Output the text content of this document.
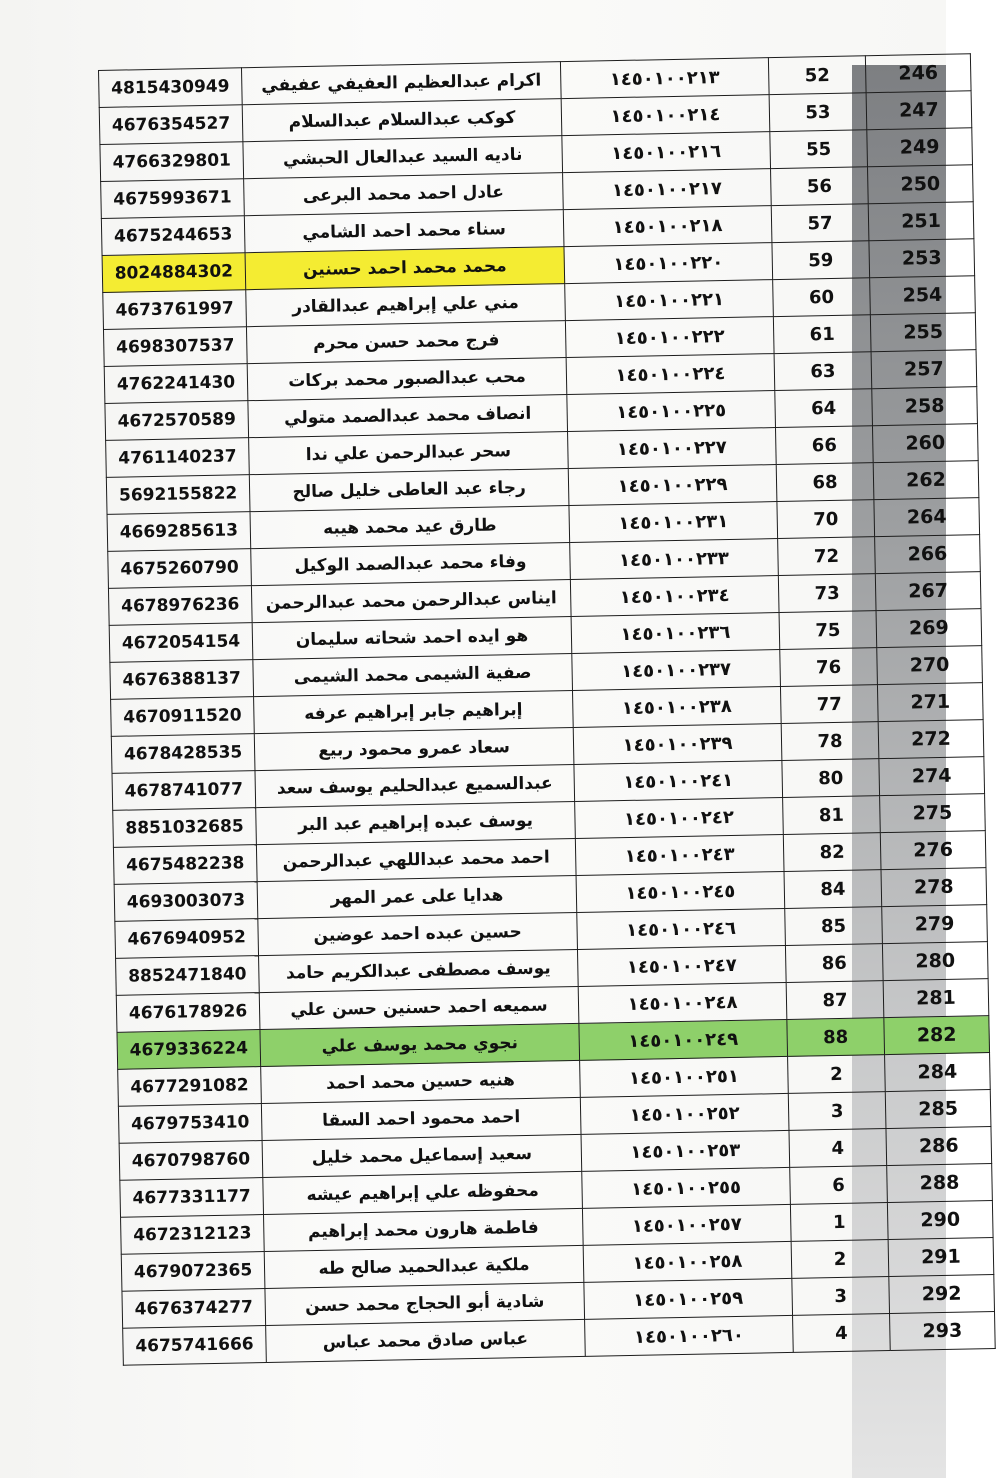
4815430949	اكرام عبدالعظيم العفيفي عفيفي	١٤٥٠١٠٠٢١٣	52	246
4676354527	كوكب عبدالسلام عبدالسلام	١٤٥٠١٠٠٢١٤	53	247
4766329801	ناديه السيد عبدالعال الحبشي	١٤٥٠١٠٠٢١٦	55	249
4675993671	عادل احمد محمد البرعى	١٤٥٠١٠٠٢١٧	56	250
4675244653	سناء محمد احمد الشامي	١٤٥٠١٠٠٢١٨	57	251
8024884302	محمد محمد احمد حسنين	١٤٥٠١٠٠٢٢٠	59	253
4673761997	مني علي إبراهيم عبدالقادر	١٤٥٠١٠٠٢٢١	60	254
4698307537	فرج محمد حسن محرم	١٤٥٠١٠٠٢٢٢	61	255
4762241430	محب عبدالصبور محمد بركات	١٤٥٠١٠٠٢٢٤	63	257
4672570589	انصاف محمد عبدالصمد متولي	١٤٥٠١٠٠٢٢٥	64	258
4761140237	سحر عبدالرحمن علي ندا	١٤٥٠١٠٠٢٢٧	66	260
5692155822	رجاء عبد العاطى خليل صالح	١٤٥٠١٠٠٢٢٩	68	262
4669285613	طارق عيد محمد هيبه	١٤٥٠١٠٠٢٣١	70	264
4675260790	وفاء محمد عبدالصمد الوكيل	١٤٥٠١٠٠٢٣٣	72	266
4678976236	ايناس عبدالرحمن محمد عبدالرحمن	١٤٥٠١٠٠٢٣٤	73	267
4672054154	هو ايده احمد شحاته سليمان	١٤٥٠١٠٠٢٣٦	75	269
4676388137	صفية الشيمى محمد الشيمى	١٤٥٠١٠٠٢٣٧	76	270
4670911520	إبراهيم جابر إبراهيم عرفه	١٤٥٠١٠٠٢٣٨	77	271
4678428535	سعاد عمرو محمود ربيع	١٤٥٠١٠٠٢٣٩	78	272
4678741077	عبدالسميع عبدالحليم يوسف سعد	١٤٥٠١٠٠٢٤١	80	274
8851032685	يوسف عبده إبراهيم عبد البر	١٤٥٠١٠٠٢٤٢	81	275
4675482238	احمد محمد عبداللهي عبدالرحمن	١٤٥٠١٠٠٢٤٣	82	276
4693003073	هدايا على عمر المهر	١٤٥٠١٠٠٢٤٥	84	278
4676940952	حسين عبده احمد عوضين	١٤٥٠١٠٠٢٤٦	85	279
8852471840	يوسف مصطفى عبدالكريم حامد	١٤٥٠١٠٠٢٤٧	86	280
4676178926	سميعه احمد حسنين حسن علي	١٤٥٠١٠٠٢٤٨	87	281
4679336224	نجوي محمد يوسف علي	١٤٥٠١٠٠٢٤٩	88	282
4677291082	هنيه حسين محمد احمد	١٤٥٠١٠٠٢٥١	2	284
4679753410	احمد محمود احمد السقا	١٤٥٠١٠٠٢٥٢	3	285
4670798760	سعيد إسماعيل محمد خليل	١٤٥٠١٠٠٢٥٣	4	286
4677331177	محفوظه علي إبراهيم عيشه	١٤٥٠١٠٠٢٥٥	6	288
4672312123	فاطمة هارون محمد إبراهيم	١٤٥٠١٠٠٢٥٧	1	290
4679072365	ملكية عبدالحميد صالح طه	١٤٥٠١٠٠٢٥٨	2	291
4676374277	شادية أبو الحجاج محمد حسن	١٤٥٠١٠٠٢٥٩	3	292
4675741666	عباس صادق محمد عباس	١٤٥٠١٠٠٢٦٠	4	293
